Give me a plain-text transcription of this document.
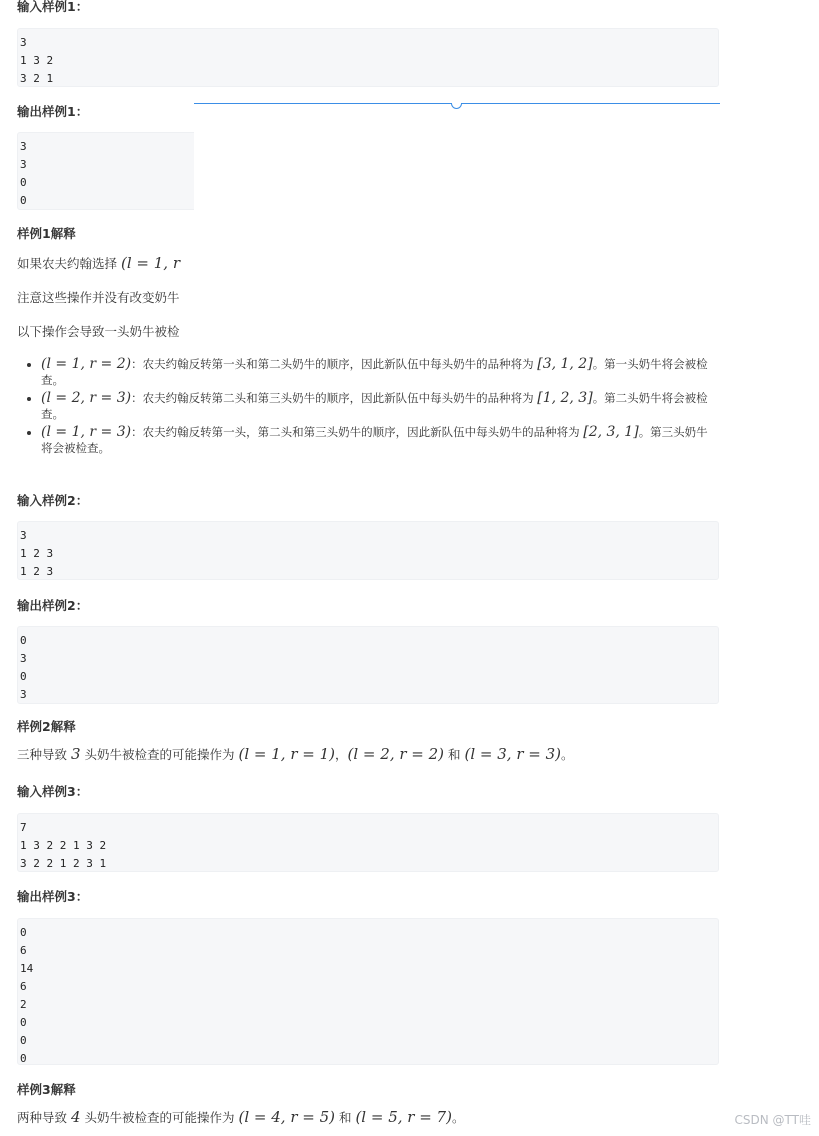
输入样例1：
3
1 3 2
3 2 1
输出样例1：
3
3
0
0
样例1解释
如果农夫约翰选择 (l = 1, r
注意这些操作并没有改变奶牛
以下操作会导致一头奶牛被检
• (l = 1, r = 2)：农夫约翰反转第一头和第二头奶牛的顺序，因此新队伍中每头奶牛的品种将为 [3, 1, 2]。第一头奶牛将会被检查。
• (l = 2, r = 3)：农夫约翰反转第二头和第三头奶牛的顺序，因此新队伍中每头奶牛的品种将为 [1, 2, 3]。第二头奶牛将会被检查。
• (l = 1, r = 3)：农夫约翰反转第一头，第二头和第三头奶牛的顺序，因此新队伍中每头奶牛的品种将为 [2, 3, 1]。第三头奶牛将会被检查。
输入样例2：
3
1 2 3
1 2 3
输出样例2：
0
3
0
3
样例2解释
三种导致 3 头奶牛被检查的可能操作为 (l = 1, r = 1)，(l = 2, r = 2) 和 (l = 3, r = 3)。
输入样例3：
7
1 3 2 2 1 3 2
3 2 2 1 2 3 1
输出样例3：
0
6
14
6
2
0
0
0
样例3解释
两种导致 4 头奶牛被检查的可能操作为 (l = 4, r = 5) 和 (l = 5, r = 7)。	CSDN @TT哇
